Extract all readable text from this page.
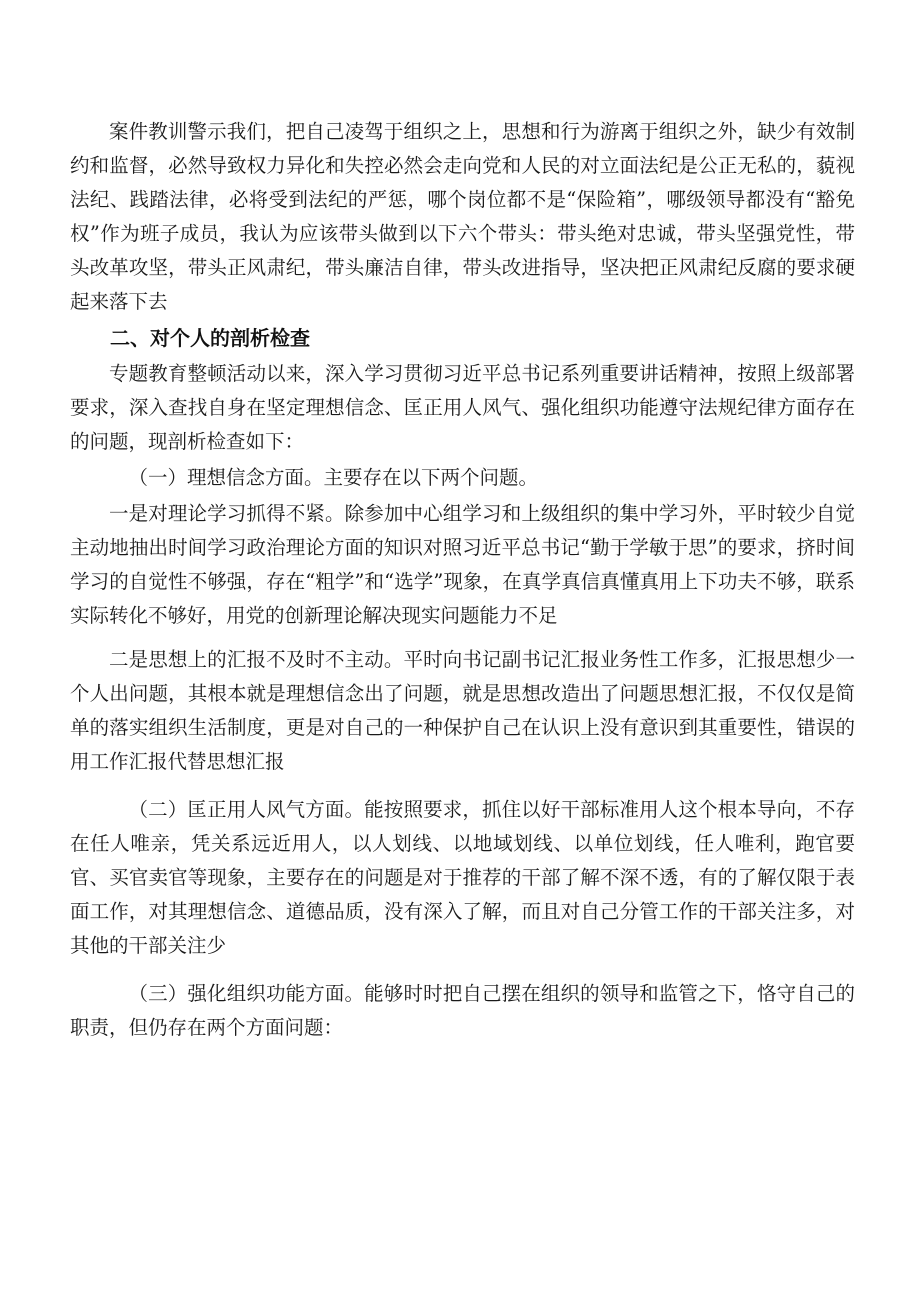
案件教训警示我们，把自己凌驾于组织之上，思想和行为游离于组织之外，缺少有效制约和监督，必然导致权力异化和失控必然会走向党和人民的对立面法纪是公正无私的，藐视法纪、践踏法律，必将受到法纪的严惩，哪个岗位都不是“保险箱”，哪级领导都没有“豁免权”作为班子成员，我认为应该带头做到以下六个带头：带头绝对忠诚，带头坚强党性，带头改革攻坚，带头正风肃纪，带头廉洁自律，带头改进指导，坚决把正风肃纪反腐的要求硬起来落下去

二、对个人的剖析检查

专题教育整顿活动以来，深入学习贯彻习近平总书记系列重要讲话精神，按照上级部署要求，深入查找自身在坚定理想信念、匡正用人风气、强化组织功能遵守法规纪律方面存在的问题，现剖析检查如下：

（一）理想信念方面。主要存在以下两个问题。

一是对理论学习抓得不紧。除参加中心组学习和上级组织的集中学习外，平时较少自觉主动地抽出时间学习政治理论方面的知识对照习近平总书记“勤于学敏于思”的要求，挤时间学习的自觉性不够强，存在“粗学”和“选学”现象，在真学真信真懂真用上下功夫不够，联系实际转化不够好，用党的创新理论解决现实问题能力不足

二是思想上的汇报不及时不主动。平时向书记副书记汇报业务性工作多，汇报思想少一个人出问题，其根本就是理想信念出了问题，就是思想改造出了问题思想汇报，不仅仅是简单的落实组织生活制度，更是对自己的一种保护自己在认识上没有意识到其重要性，错误的用工作汇报代替思想汇报

（二）匡正用人风气方面。能按照要求，抓住以好干部标准用人这个根本导向，不存在任人唯亲，凭关系远近用人，以人划线、以地域划线、以单位划线，任人唯利，跑官要官、买官卖官等现象，主要存在的问题是对于推荐的干部了解不深不透，有的了解仅限于表面工作，对其理想信念、道德品质，没有深入了解，而且对自己分管工作的干部关注多，对其他的干部关注少

（三）强化组织功能方面。能够时时把自己摆在组织的领导和监管之下，恪守自己的职责，但仍存在两个方面问题：
